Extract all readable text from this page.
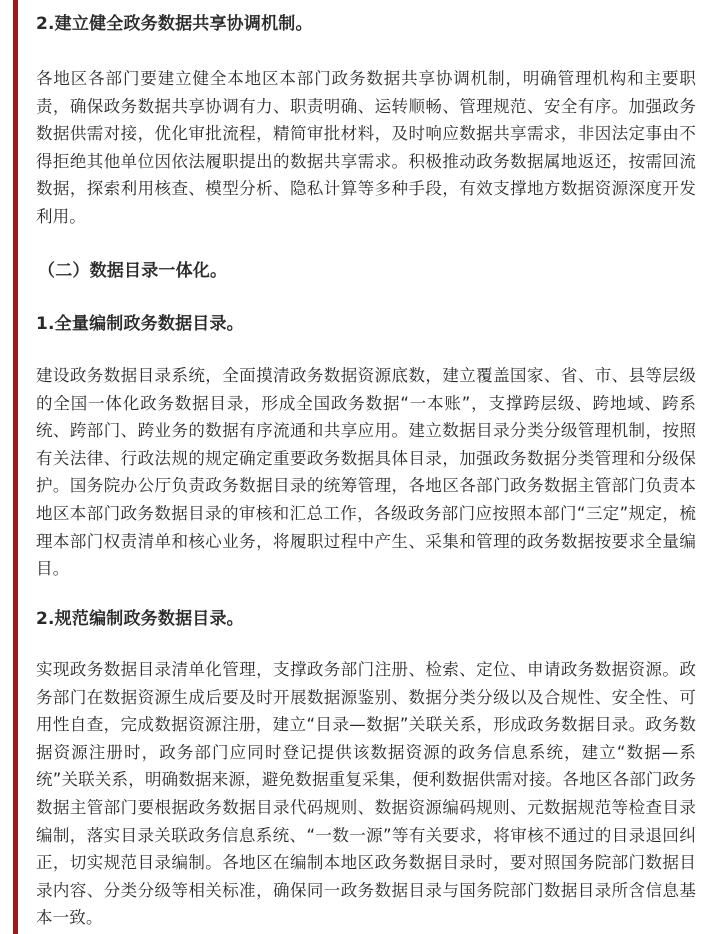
2.建立健全政务数据共享协调机制。

各地区各部门要建立健全本地区本部门政务数据共享协调机制，明确管理机构和主要职责，确保政务数据共享协调有力、职责明确、运转顺畅、管理规范、安全有序。加强政务数据供需对接，优化审批流程，精简审批材料，及时响应数据共享需求，非因法定事由不得拒绝其他单位因依法履职提出的数据共享需求。积极推动政务数据属地返还，按需回流数据，探索利用核查、模型分析、隐私计算等多种手段，有效支撑地方数据资源深度开发利用。

（二）数据目录一体化。

1.全量编制政务数据目录。

建设政务数据目录系统，全面摸清政务数据资源底数，建立覆盖国家、省、市、县等层级的全国一体化政务数据目录，形成全国政务数据“一本账”，支撑跨层级、跨地域、跨系统、跨部门、跨业务的数据有序流通和共享应用。建立数据目录分类分级管理机制，按照有关法律、行政法规的规定确定重要政务数据具体目录，加强政务数据分类管理和分级保护。国务院办公厅负责政务数据目录的统筹管理，各地区各部门政务数据主管部门负责本地区本部门政务数据目录的审核和汇总工作，各级政务部门应按照本部门“三定”规定，梳理本部门权责清单和核心业务，将履职过程中产生、采集和管理的政务数据按要求全量编目。

2.规范编制政务数据目录。

实现政务数据目录清单化管理，支撑政务部门注册、检索、定位、申请政务数据资源。政务部门在数据资源生成后要及时开展数据源鉴别、数据分类分级以及合规性、安全性、可用性自查，完成数据资源注册，建立“目录—数据”关联关系，形成政务数据目录。政务数据资源注册时，政务部门应同时登记提供该数据资源的政务信息系统，建立“数据—系统”关联关系，明确数据来源，避免数据重复采集，便利数据供需对接。各地区各部门政务数据主管部门要根据政务数据目录代码规则、数据资源编码规则、元数据规范等检查目录编制，落实目录关联政务信息系统、“一数一源”等有关要求，将审核不通过的目录退回纠正，切实规范目录编制。各地区在编制本地区政务数据目录时，要对照国务院部门数据目录内容、分类分级等相关标准，确保同一政务数据目录与国务院部门数据目录所含信息基本一致。
